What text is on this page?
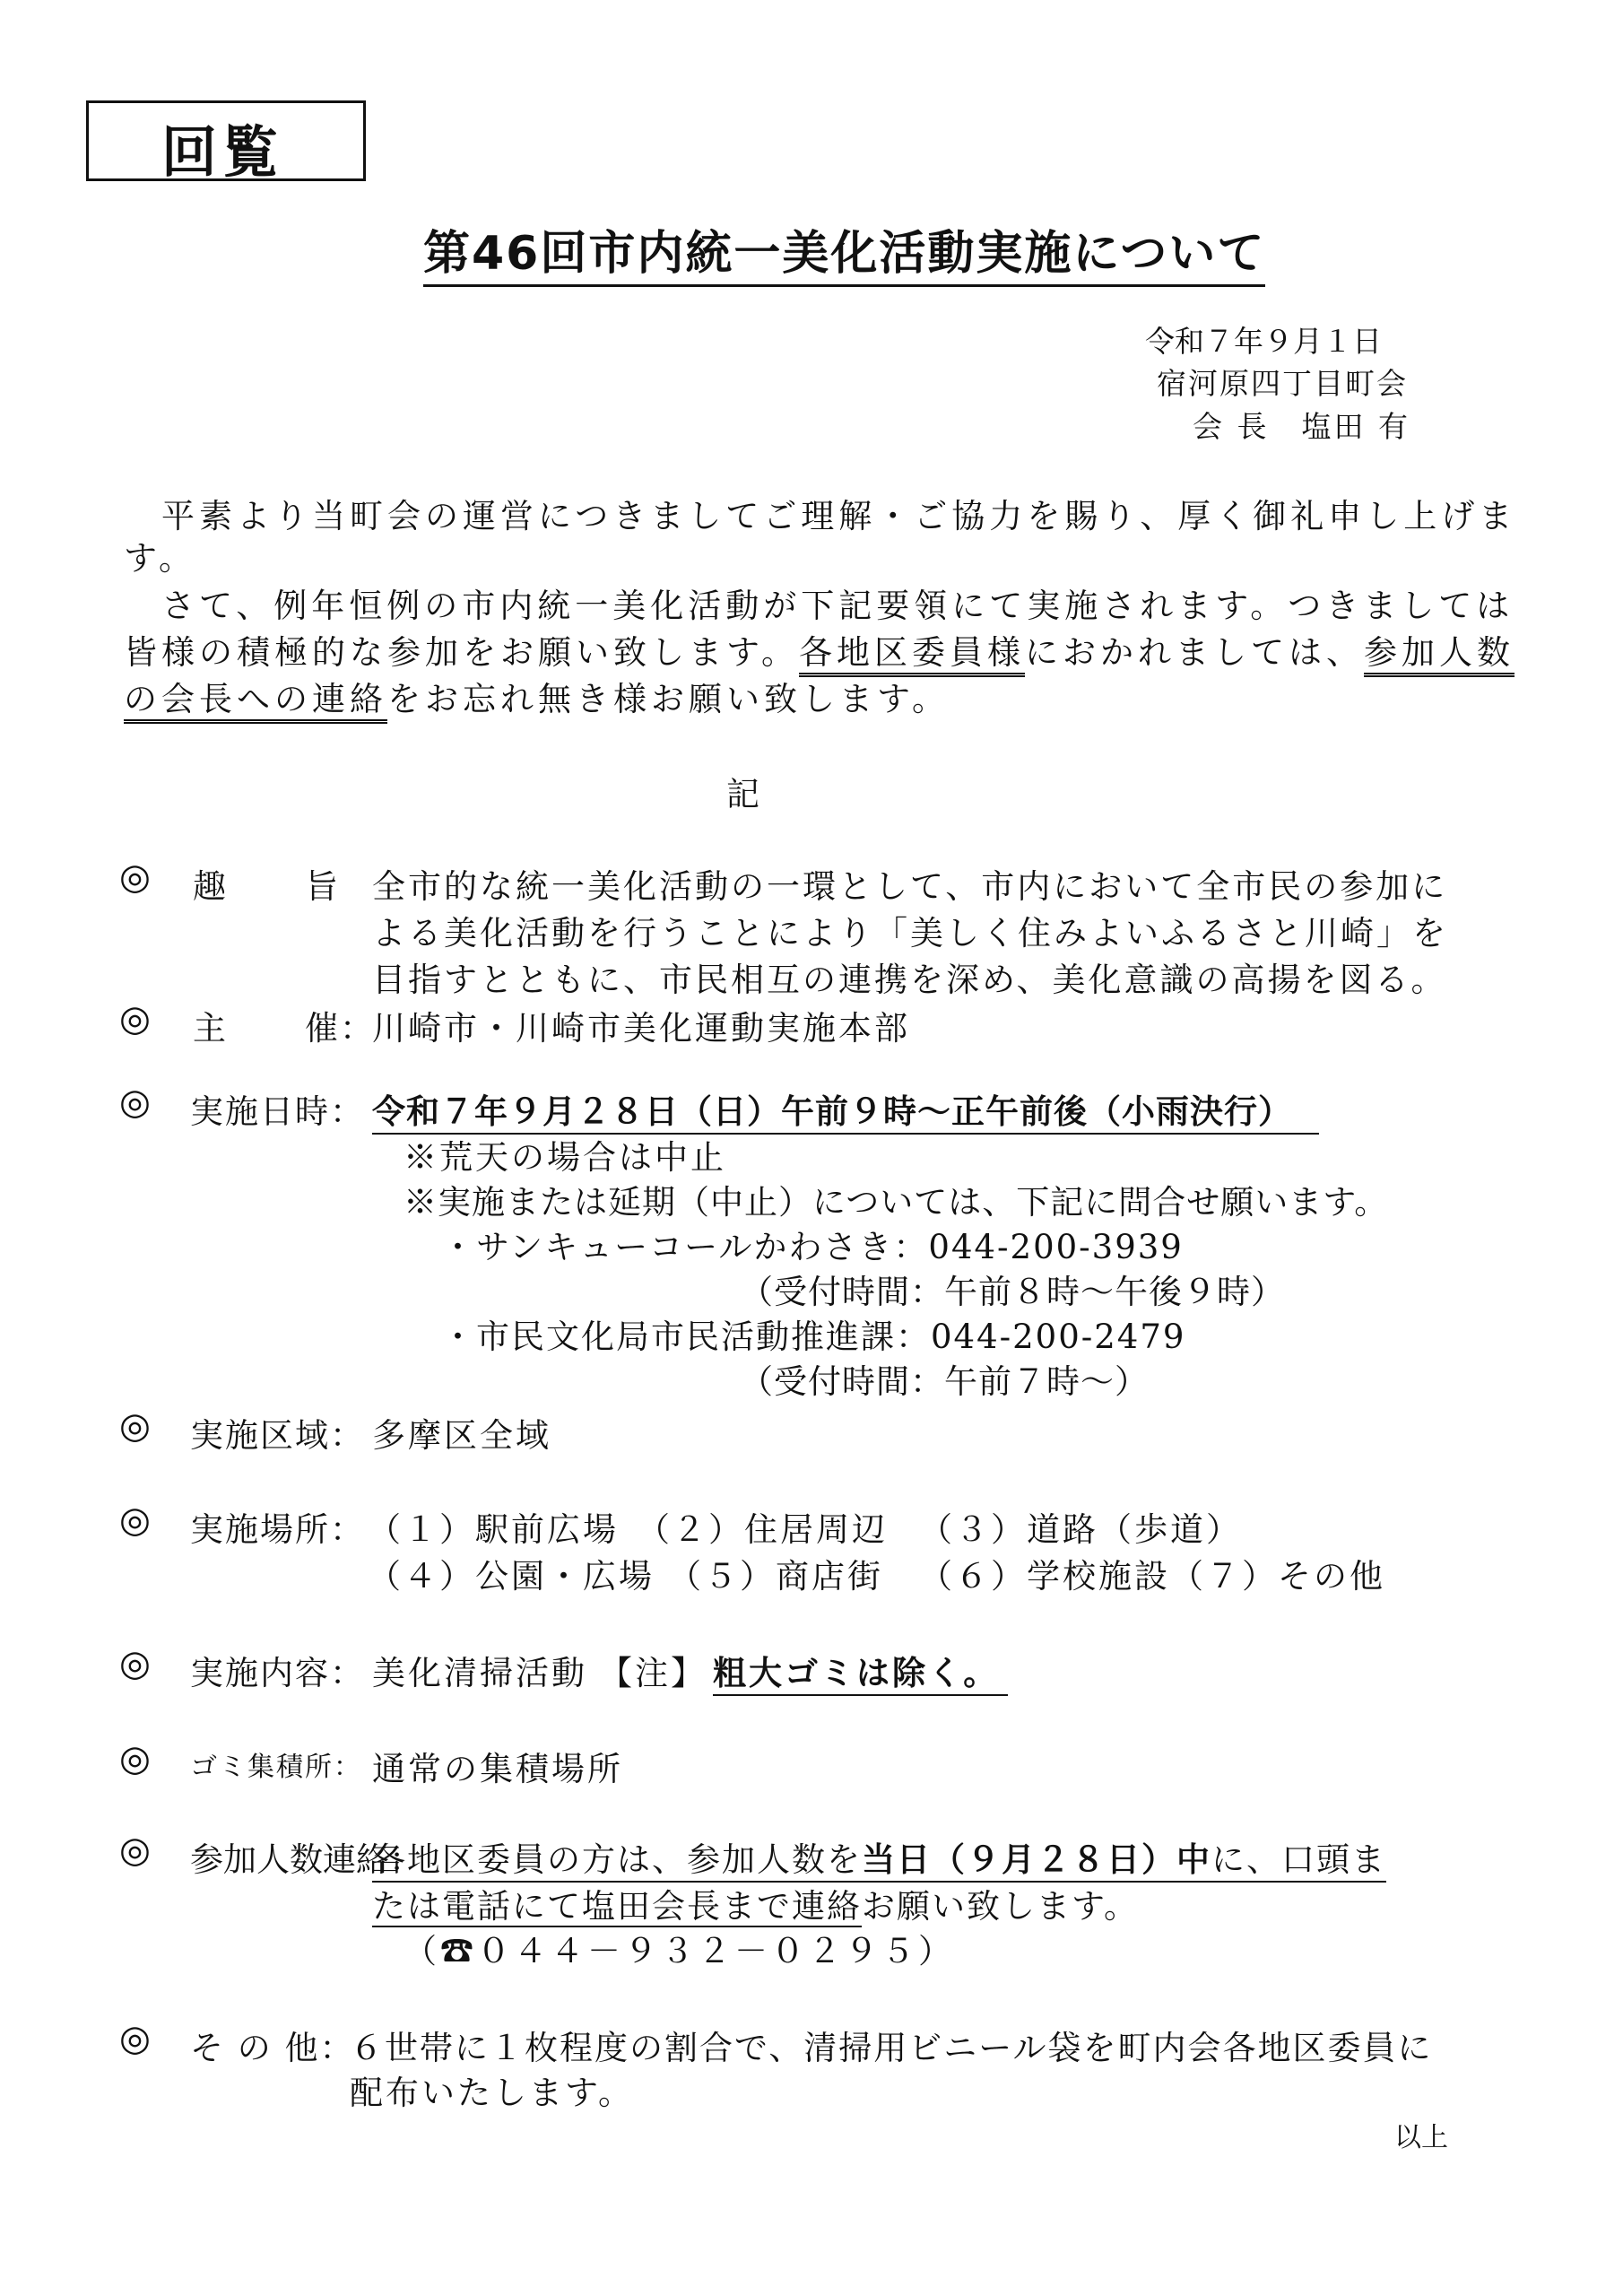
回覧
第46回市内統一美化活動実施について
令和７年９月１日
宿河原四丁目町会
会 長　塩田 有
平素より当町会の運営につきましてご理解・ご協力を賜り、厚く御礼申し上げま
す。
さて、例年恒例の市内統一美化活動が下記要領にて実施されます。つきましては
皆様の積極的な参加をお願い致します。各地区委員様におかれましては、参加人数
の会長への連絡をお忘れ無き様お願い致します。
記
◎ 趣 旨 全市的な統一美化活動の一環として、市内において全市民の参加に
よる美化活動を行うことにより「美しく住みよいふるさと川崎」を
目指すとともに、市民相互の連携を深め、美化意識の高揚を図る。
◎ 主 催：
川崎市・川崎市美化運動実施本部
◎ 実施日時： 令和７年９月２８日（日）午前９時～正午前後（小雨決行）
※荒天の場合は中止
※実施または延期（中止）については、下記に問合せ願います。
・サンキューコールかわさき：044-200-3939
（受付時間：午前８時～午後９時）
・市民文化局市民活動推進課：044-200-2479
（受付時間：午前７時～）
◎ 実施区域： 多摩区全域
◎ 実施場所： （１）駅前広場 （２）住居周辺 （３）道路（歩道）
（４）公園・広場 （５）商店街 （６）学校施設 （７）その他
◎ 実施内容： 美化清掃活動 【注】 粗大ゴミは除く。
◎ ゴミ集積所： 通常の集積場所
◎ 参加人数連絡：
各地区委員の方は、参加人数を当日（９月２８日）中に、口頭ま
たは電話にて塩田会長まで連絡お願い致します。
（☎０４４－９３２－０２９５）
◎ そ の 他：
６世帯に１枚程度の割合で、清掃用ビニール袋を町内会各地区委員に
配布いたします。
以上
